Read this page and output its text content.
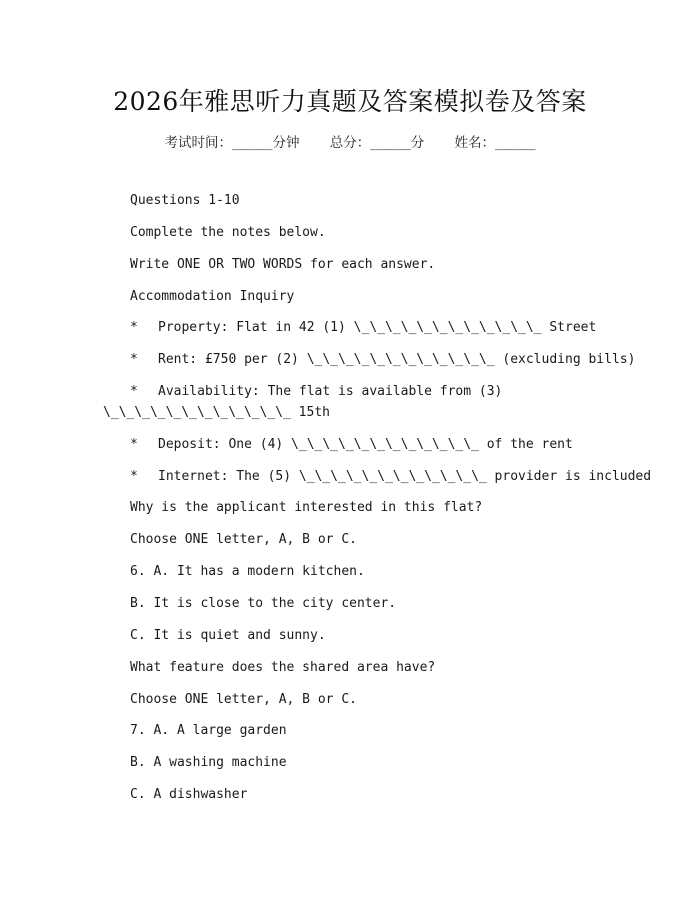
2026年雅思听力真题及答案模拟卷及答案
考试时间：______分钟 总分：______分 姓名：______
Questions 1-10
Complete the notes below.
Write ONE OR TWO WORDS for each answer.
Accommodation Inquiry
* Property: Flat in 42 (1) \_\_\_\_\_\_\_\_\_\_\_\_ Street
* Rent: £750 per (2) \_\_\_\_\_\_\_\_\_\_\_\_ (excluding bills)
* Availability: The flat is available from (3)
\_\_\_\_\_\_\_\_\_\_\_\_ 15th
* Deposit: One (4) \_\_\_\_\_\_\_\_\_\_\_\_ of the rent
* Internet: The (5) \_\_\_\_\_\_\_\_\_\_\_\_ provider is included
Why is the applicant interested in this flat?
Choose ONE letter, A, B or C.
6. A. It has a modern kitchen.
B. It is close to the city center.
C. It is quiet and sunny.
What feature does the shared area have?
Choose ONE letter, A, B or C.
7. A. A large garden
B. A washing machine
C. A dishwasher
